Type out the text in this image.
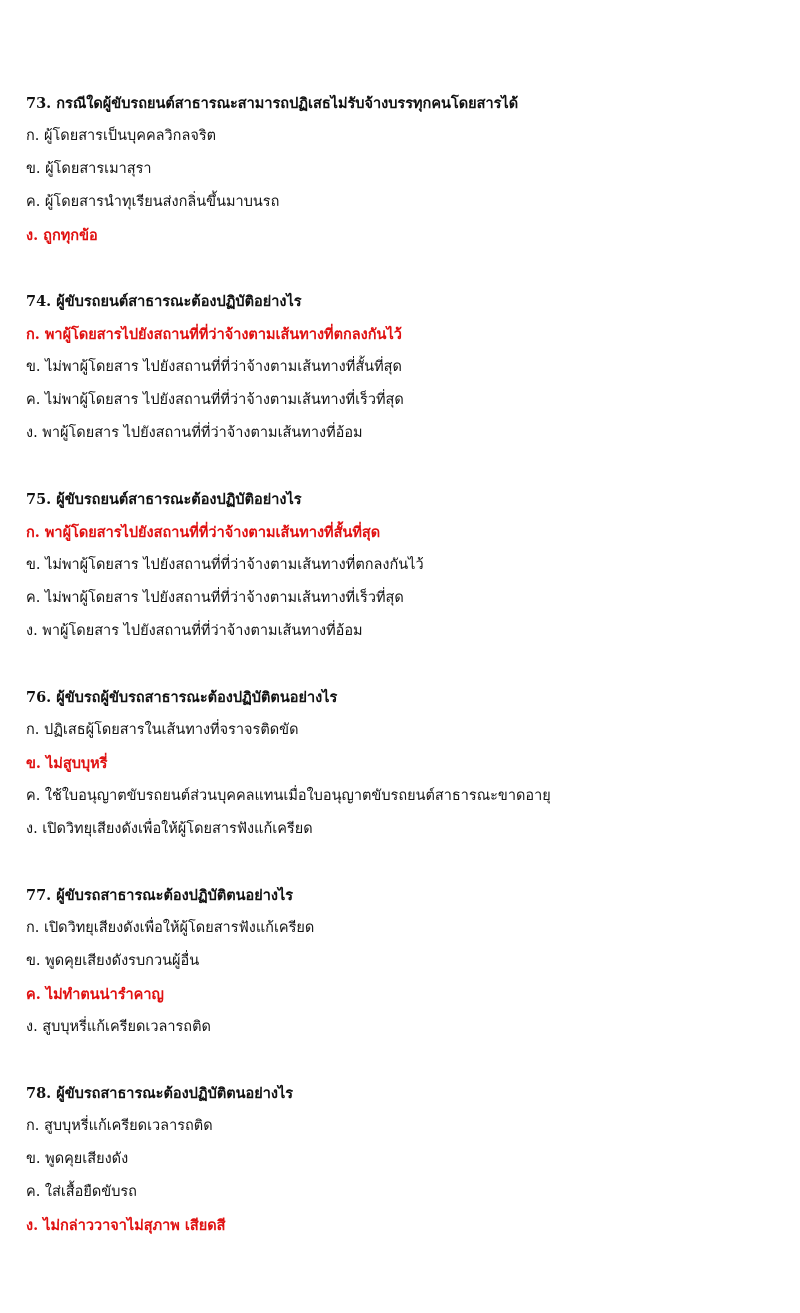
73. กรณีใดผู้ขับรถยนต์สาธารณะสามารถปฏิเสธไม่รับจ้างบรรทุกคนโดยสารได้
ก. ผู้โดยสารเป็นบุคคลวิกลจริต
ข. ผู้โดยสารเมาสุรา
ค. ผู้โดยสารนำทุเรียนส่งกลิ่นขึ้นมาบนรถ
ง. ถูกทุกข้อ
74. ผู้ขับรถยนต์สาธารณะต้องปฏิบัติอย่างไร
ก. พาผู้โดยสารไปยังสถานที่ที่ว่าจ้างตามเส้นทางที่ตกลงกันไว้
ข. ไม่พาผู้โดยสาร ไปยังสถานที่ที่ว่าจ้างตามเส้นทางที่สั้นที่สุด
ค. ไม่พาผู้โดยสาร ไปยังสถานที่ที่ว่าจ้างตามเส้นทางที่เร็วที่สุด
ง. พาผู้โดยสาร ไปยังสถานที่ที่ว่าจ้างตามเส้นทางที่อ้อม
75. ผู้ขับรถยนต์สาธารณะต้องปฏิบัติอย่างไร
ก. พาผู้โดยสารไปยังสถานที่ที่ว่าจ้างตามเส้นทางที่สั้นที่สุด
ข. ไม่พาผู้โดยสาร ไปยังสถานที่ที่ว่าจ้างตามเส้นทางที่ตกลงกันไว้
ค. ไม่พาผู้โดยสาร ไปยังสถานที่ที่ว่าจ้างตามเส้นทางที่เร็วที่สุด
ง. พาผู้โดยสาร ไปยังสถานที่ที่ว่าจ้างตามเส้นทางที่อ้อม
76. ผู้ขับรถผู้ขับรถสาธารณะต้องปฏิบัติตนอย่างไร
ก. ปฏิเสธผู้โดยสารในเส้นทางที่จราจรติดขัด
ข. ไม่สูบบุหรี่
ค. ใช้ใบอนุญาตขับรถยนต์ส่วนบุคคลแทนเมื่อใบอนุญาตขับรถยนต์สาธารณะขาดอายุ
ง. เปิดวิทยุเสียงดังเพื่อให้ผู้โดยสารฟังแก้เครียด
77. ผู้ขับรถสาธารณะต้องปฏิบัติตนอย่างไร
ก. เปิดวิทยุเสียงดังเพื่อให้ผู้โดยสารฟังแก้เครียด
ข. พูดคุยเสียงดังรบกวนผู้อื่น
ค. ไม่ทำตนน่ารำคาญ
ง. สูบบุหรี่แก้เครียดเวลารถติด
78. ผู้ขับรถสาธารณะต้องปฏิบัติตนอย่างไร
ก. สูบบุหรี่แก้เครียดเวลารถติด
ข. พูดคุยเสียงดัง
ค. ใส่เสื้อยืดขับรถ
ง. ไม่กล่าววาจาไม่สุภาพ เสียดสี
